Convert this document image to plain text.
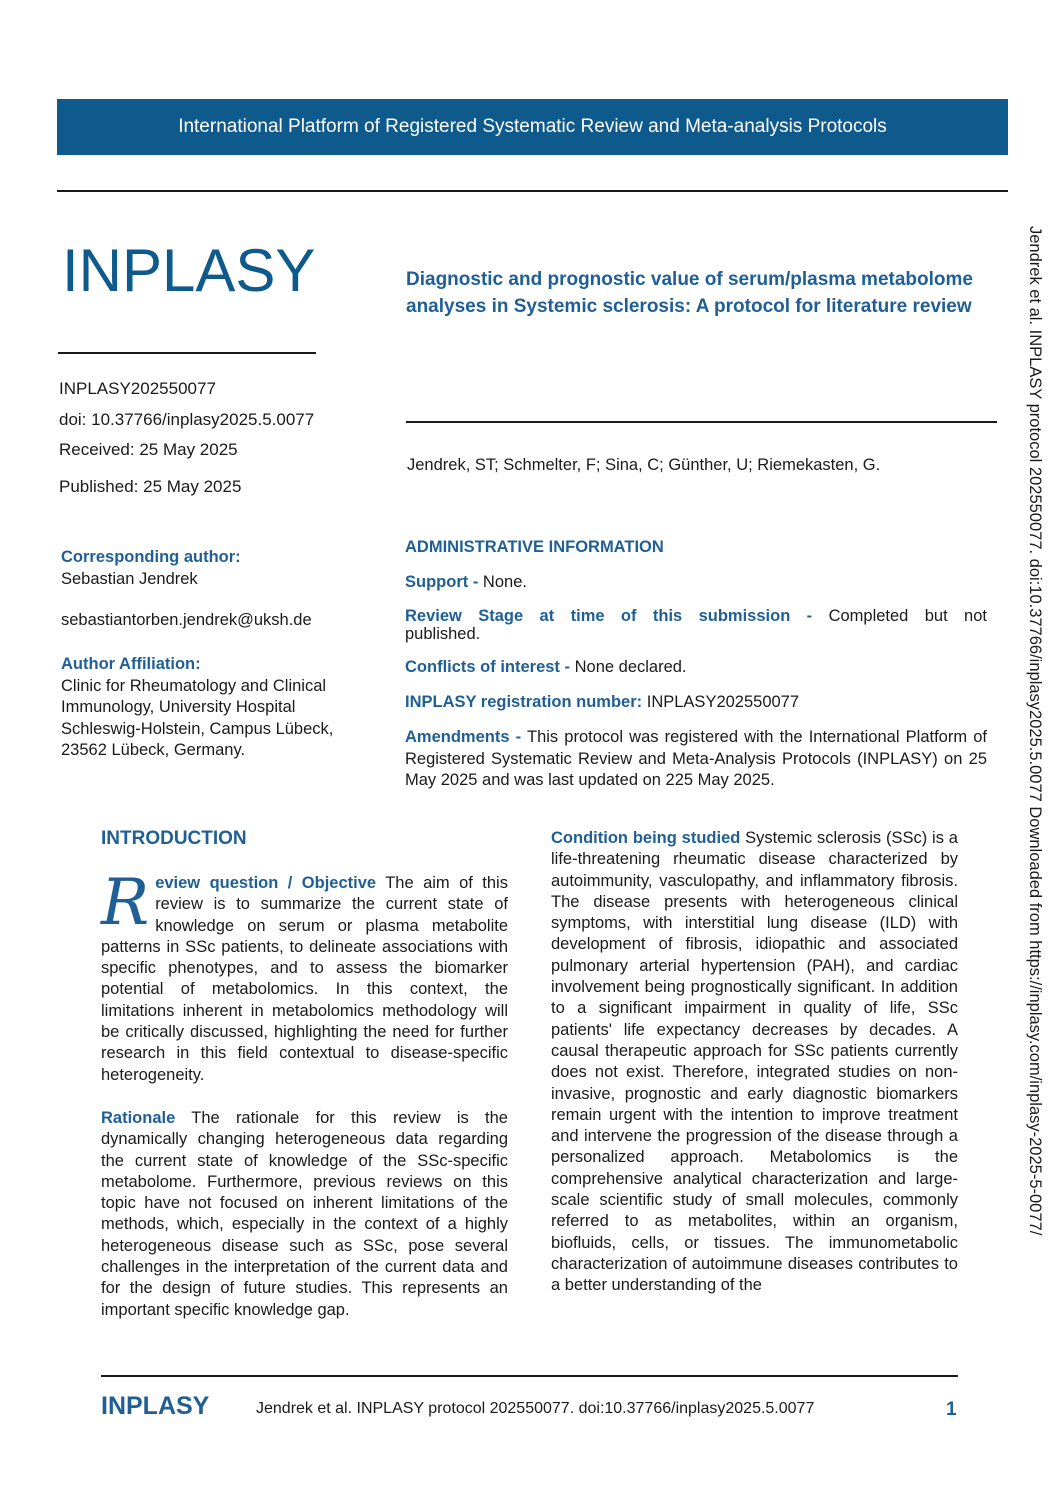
International Platform of Registered Systematic Review and Meta-analysis Protocols
INPLASY	Diagnostic and prognostic value of serum/plasma metabolome analyses in Systemic sclerosis: A protocol for literature review
INPLASY202550077
doi: 10.37766/inplasy2025.5.0077
Received: 25 May 2025
Published: 25 May 2025
Jendrek, ST; Schmelter, F; Sina, C; Günther, U; Riemekasten, G.
Corresponding author:
Sebastian Jendrek
sebastiantorben.jendrek@uksh.de
Author Affiliation:
Clinic for Rheumatology and Clinical Immunology, University Hospital Schleswig-Holstein, Campus Lübeck, 23562 Lübeck, Germany.
ADMINISTRATIVE INFORMATION
Support - None.
Review Stage at time of this submission - Completed but not published.
Conflicts of interest - None declared.
INPLASY registration number: INPLASY202550077
Amendments - This protocol was registered with the International Platform of Registered Systematic Review and Meta-Analysis Protocols (INPLASY) on 25 May 2025 and was last updated on 225 May 2025.
INTRODUCTION

R eview question / Objective The aim of this review is to summarize the current state of knowledge on serum or plasma metabolite patterns in SSc patients, to delineate associations with specific phenotypes, and to assess the biomarker potential of metabolomics. In this context, the limitations inherent in metabolomics methodology will be critically discussed, highlighting the need for further research in this field contextual to disease-specific heterogeneity.

Rationale The rationale for this review is the dynamically changing heterogeneous data regarding the current state of knowledge of the SSc-specific metabolome. Furthermore, previous reviews on this topic have not focused on inherent limitations of the methods, which, especially in the context of a highly heterogeneous disease such as SSc, pose several challenges in the interpretation of the current data and for the design of future studies. This represents an important specific knowledge gap.

Condition being studied Systemic sclerosis (SSc) is a life-threatening rheumatic disease characterized by autoimmunity, vasculopathy, and inflammatory fibrosis. The disease presents with heterogeneous clinical symptoms, with interstitial lung disease (ILD) with development of fibrosis, idiopathic and associated pulmonary arterial hypertension (PAH), and cardiac involvement being prognostically significant. In addition to a significant impairment in quality of life, SSc patients' life expectancy decreases by decades. A causal therapeutic approach for SSc patients currently does not exist. Therefore, integrated studies on non-invasive, prognostic and early diagnostic biomarkers remain urgent with the intention to improve treatment and intervene the progression of the disease through a personalized approach. Metabolomics is the comprehensive analytical characterization and large-scale scientific study of small molecules, commonly referred to as metabolites, within an organism, biofluids, cells, or tissues. The immunometabolic characterization of autoimmune diseases contributes to a better understanding of the

Jendrek et al. INPLASY protocol 202550077. doi:10.37766/inplasy2025.5.0077 Downloaded from https://inplasy.com/inplasy-2025-5-0077/
INPLASY	Jendrek et al. INPLASY protocol 202550077. doi:10.37766/inplasy2025.5.0077	1
